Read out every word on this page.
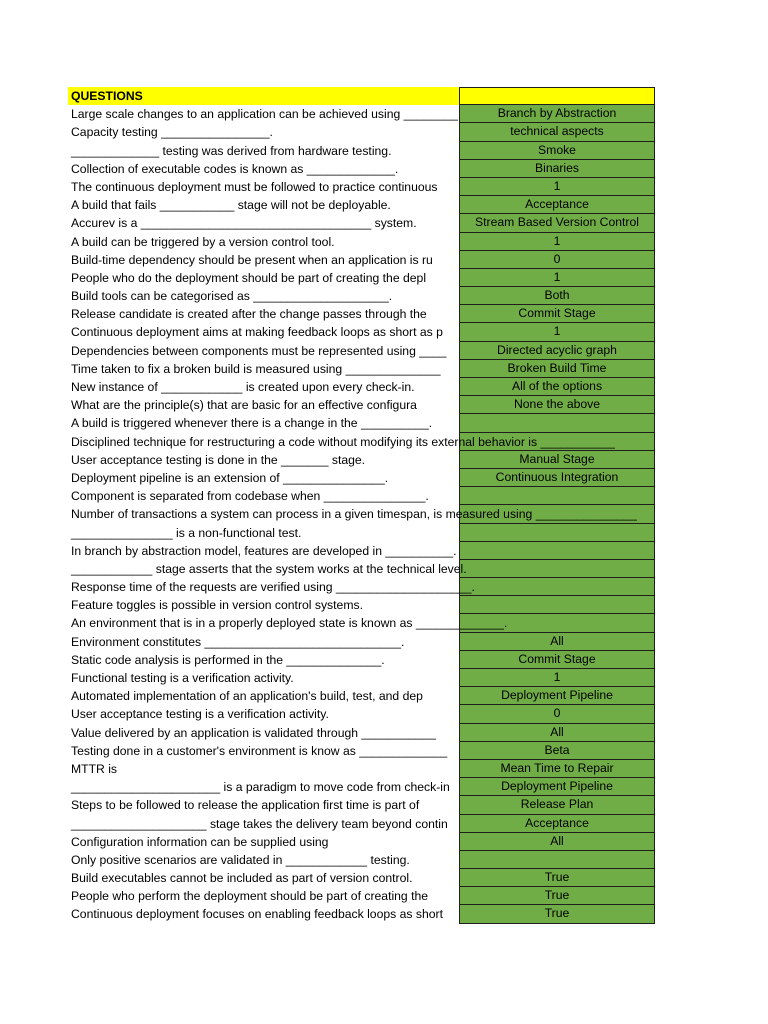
QUESTIONS
Large scale changes to an application can be achieved using ________	Branch by Abstraction
Capacity testing ________________.	technical aspects
_____________ testing was derived from hardware testing.	Smoke
Collection of executable codes is known as _____________.	Binaries
The continuous deployment must be followed to practice continuous	1
A build that fails ___________ stage will not be deployable.	Acceptance
Accurev is a __________________________________ system.	Stream Based Version Control
A build can be triggered by a version control tool.	1
Build-time dependency should be present when an application is ru	0
People who do the deployment should be part of creating the depl	1
Build tools can be categorised as ____________________.	Both
Release candidate is created after the change passes through the	Commit Stage
Continuous deployment aims at making feedback loops as short as p	1
Dependencies between components must be represented using ____	Directed acyclic graph
Time taken to fix a broken build is measured using ______________	Broken Build Time
New instance of ____________ is created upon every check-in.	All of the options
What are the principle(s) that are basic for an effective configura	None the above
A build is triggered whenever there is a change in the __________.
Disciplined technique for restructuring a code without modifying its external behavior is ___________
User acceptance testing is done in the _______ stage.	Manual Stage
Deployment pipeline is an extension of _______________.	Continuous Integration
Component is separated from codebase when _______________.
Number of transactions a system can process in a given timespan, is measured using _______________
_______________ is a non-functional test.
In branch by abstraction model, features are developed in __________.
____________ stage asserts that the system works at the technical level.
Response time of the requests are verified using ____________________.
Feature toggles is possible in version control systems.
An environment that is in a properly deployed state is known as _____________.
Environment constitutes _____________________________.	All
Static code analysis is performed in the ______________.	Commit Stage
Functional testing is a verification activity.	1
Automated implementation of an application's build, test, and dep	Deployment Pipeline
User acceptance testing is a verification activity.	0
Value delivered by an application is validated through ___________	All
Testing done in a customer's environment is know as _____________	Beta
MTTR is	Mean Time to Repair
______________________ is a paradigm to move code from check-in	Deployment Pipeline
Steps to be followed to release the application first time is part of	Release Plan
____________________ stage takes the delivery team beyond contin	Acceptance
Configuration information can be supplied using	All
Only positive scenarios are validated in ____________ testing.
Build executables cannot be included as part of version control.	True
People who perform the deployment should be part of creating the	True
Continuous deployment focuses on enabling feedback loops as short	True
